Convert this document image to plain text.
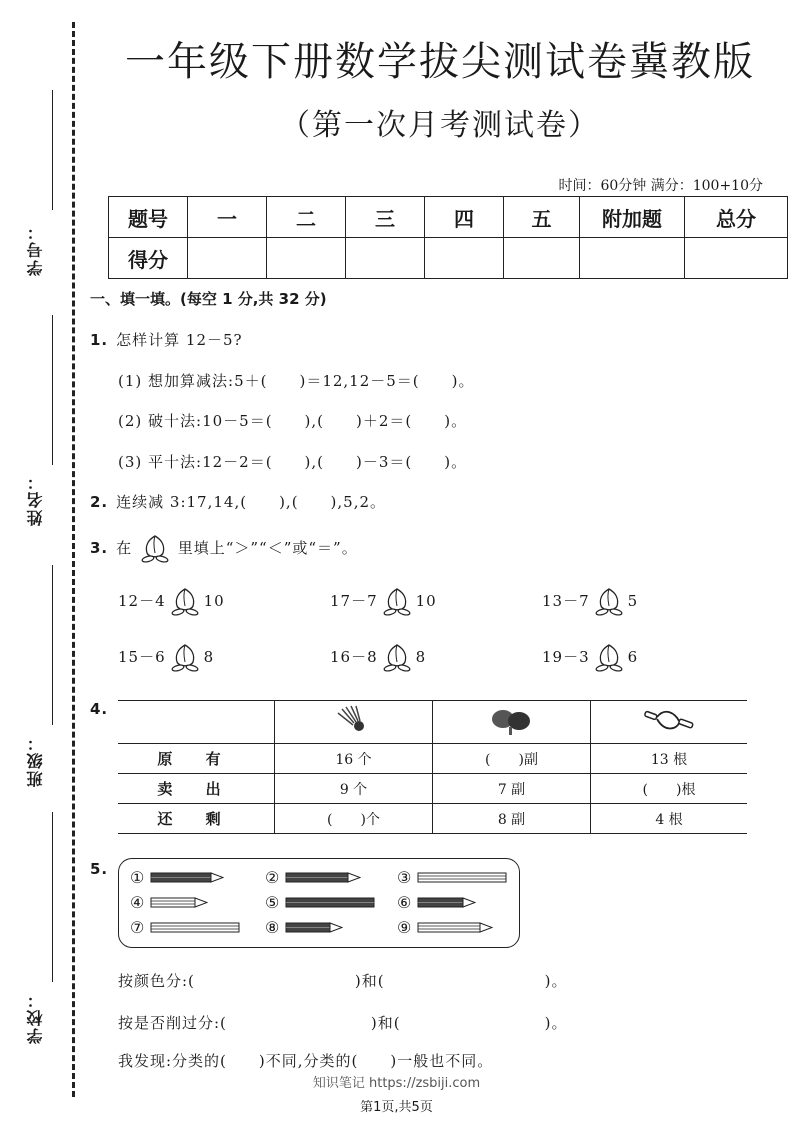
学号：
姓名：
班级：
学校：
一年级下册数学拔尖测试卷冀教版
（第一次月考测试卷）
时间：60分钟 满分：100+10分
题号	一	二	三	四	五	附加题	总分
得分							
一、填一填。(每空 1 分,共 32 分)
1. 怎样计算 12－5?
(1) 想加算减法:5＋(　　)＝12,12－5＝(　　)。
(2) 破十法:10－5＝(　　),(　　)＋2＝(　　)。
(3) 平十法:12－2＝(　　),(　　)－3＝(　　)。
2. 连续减 3:17,14,(　　),(　　),5,2。
3. 在	里填上“＞”“＜”或“＝”。
12－4	10	17－7	10	13－7	5
15－6	8	16－8	8	19－3	6
4.

原 有	16 个	(　　)副	13 根
卖 出	9 个	7 副	(　　)根
还 剩	(　　)个	8 副	4 根
5.	①	②	③
④	⑤	⑥
⑦	⑧	⑨
按颜色分:(　　　　　　　　　　)和(　　　　　　　　　　)。
按是否削过分:(　　　　　　　　　)和(　　　　　　　　　)。
我发现:分类的(　　)不同,分类的(　　)一般也不同。
知识笔记 https://zsbiji.com
第1页,共5页
